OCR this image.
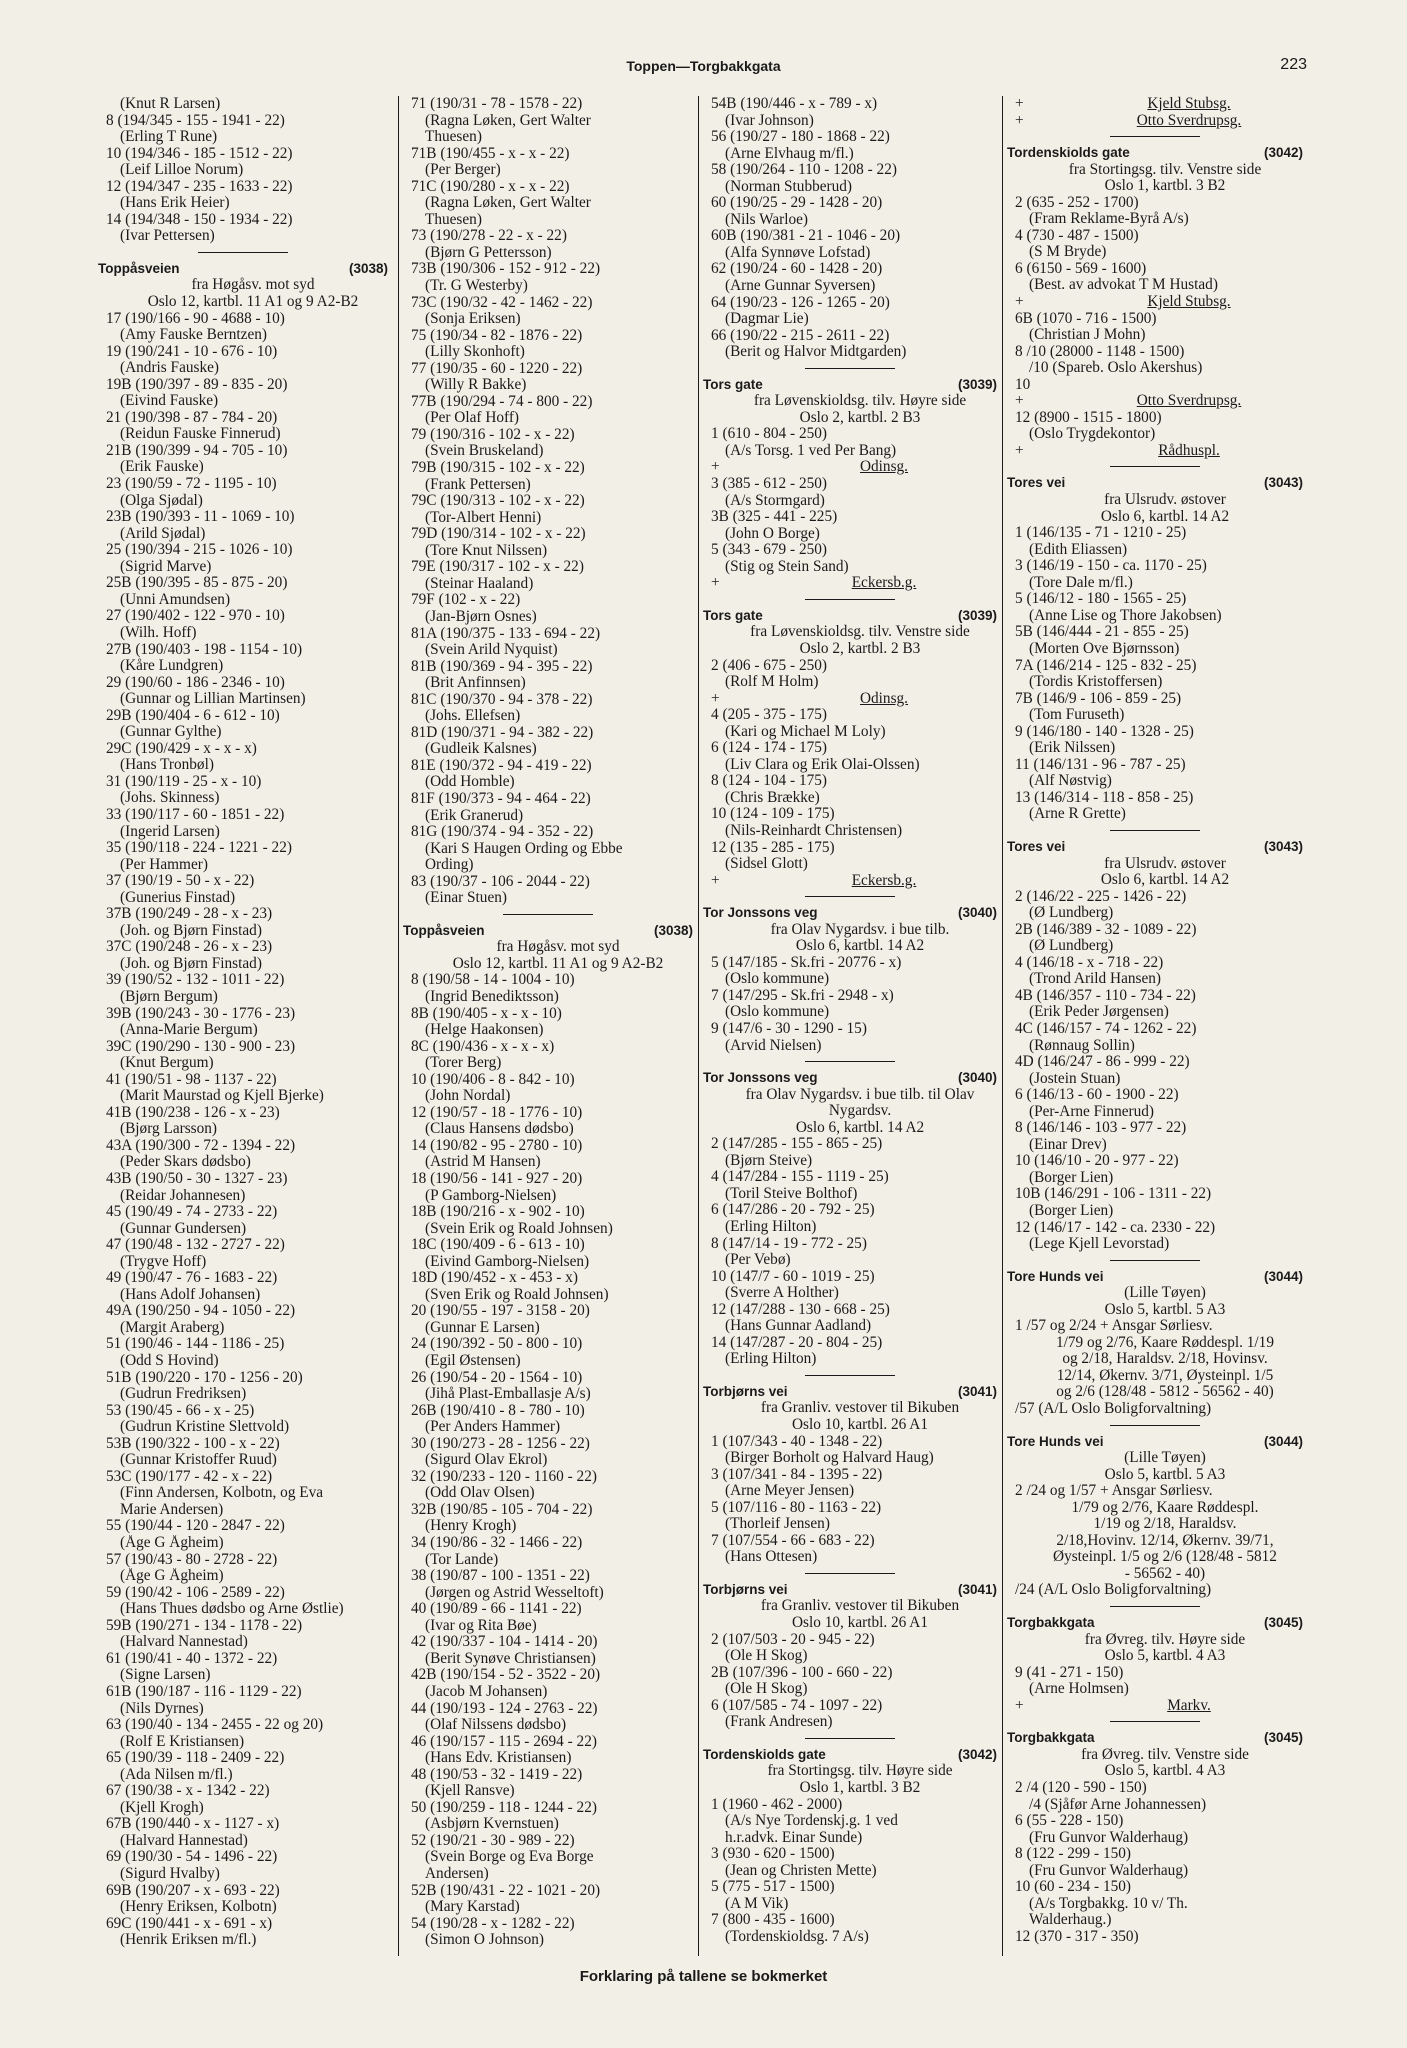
Toppen—Torgbakkgata	223
(Knut R Larsen)
8 (194/345 - 155 - 1941 - 22)
(Erling T Rune)
10 (194/346 - 185 - 1512 - 22)
(Leif Lilloe Norum)
12 (194/347 - 235 - 1633 - 22)
(Hans Erik Heier)
14 (194/348 - 150 - 1934 - 22)
(Ivar Pettersen)
Toppåsveien	(3038)
fra Høgåsv. mot syd
Oslo 12, kartbl. 11 A1 og 9 A2-B2
17 (190/166 - 90 - 4688 - 10)
(Amy Fauske Berntzen)
19 (190/241 - 10 - 676 - 10)
(Andris Fauske)
19B (190/397 - 89 - 835 - 20)
(Eivind Fauske)
21 (190/398 - 87 - 784 - 20)
(Reidun Fauske Finnerud)
21B (190/399 - 94 - 705 - 10)
(Erik Fauske)
23 (190/59 - 72 - 1195 - 10)
(Olga Sjødal)
23B (190/393 - 11 - 1069 - 10)
(Arild Sjødal)
25 (190/394 - 215 - 1026 - 10)
(Sigrid Marve)
25B (190/395 - 85 - 875 - 20)
(Unni Amundsen)
27 (190/402 - 122 - 970 - 10)
(Wilh. Hoff)
27B (190/403 - 198 - 1154 - 10)
(Kåre Lundgren)
29 (190/60 - 186 - 2346 - 10)
(Gunnar og Lillian Martinsen)
29B (190/404 - 6 - 612 - 10)
(Gunnar Gylthe)
29C (190/429 - x - x - x)
(Hans Tronbøl)
31 (190/119 - 25 - x - 10)
(Johs. Skinness)
33 (190/117 - 60 - 1851 - 22)
(Ingerid Larsen)
35 (190/118 - 224 - 1221 - 22)
(Per Hammer)
37 (190/19 - 50 - x - 22)
(Gunerius Finstad)
37B (190/249 - 28 - x - 23)
(Joh. og Bjørn Finstad)
37C (190/248 - 26 - x - 23)
(Joh. og Bjørn Finstad)
39 (190/52 - 132 - 1011 - 22)
(Bjørn Bergum)
39B (190/243 - 30 - 1776 - 23)
(Anna-Marie Bergum)
39C (190/290 - 130 - 900 - 23)
(Knut Bergum)
41 (190/51 - 98 - 1137 - 22)
(Marit Maurstad og Kjell Bjerke)
41B (190/238 - 126 - x - 23)
(Bjørg Larsson)
43A (190/300 - 72 - 1394 - 22)
(Peder Skars dødsbo)
43B (190/50 - 30 - 1327 - 23)
(Reidar Johannesen)
45 (190/49 - 74 - 2733 - 22)
(Gunnar Gundersen)
47 (190/48 - 132 - 2727 - 22)
(Trygve Hoff)
49 (190/47 - 76 - 1683 - 22)
(Hans Adolf Johansen)
49A (190/250 - 94 - 1050 - 22)
(Margit Araberg)
51 (190/46 - 144 - 1186 - 25)
(Odd S Hovind)
51B (190/220 - 170 - 1256 - 20)
(Gudrun Fredriksen)
53 (190/45 - 66 - x - 25)
(Gudrun Kristine Slettvold)
53B (190/322 - 100 - x - 22)
(Gunnar Kristoffer Ruud)
53C (190/177 - 42 - x - 22)
(Finn Andersen, Kolbotn, og Eva
Marie Andersen)
55 (190/44 - 120 - 2847 - 22)
(Åge G Ågheim)
57 (190/43 - 80 - 2728 - 22)
(Åge G Ågheim)
59 (190/42 - 106 - 2589 - 22)
(Hans Thues dødsbo og Arne Østlie)
59B (190/271 - 134 - 1178 - 22)
(Halvard Nannestad)
61 (190/41 - 40 - 1372 - 22)
(Signe Larsen)
61B (190/187 - 116 - 1129 - 22)
(Nils Dyrnes)
63 (190/40 - 134 - 2455 - 22 og 20)
(Rolf E Kristiansen)
65 (190/39 - 118 - 2409 - 22)
(Ada Nilsen m/fl.)
67 (190/38 - x - 1342 - 22)
(Kjell Krogh)
67B (190/440 - x - 1127 - x)
(Halvard Hannestad)
69 (190/30 - 54 - 1496 - 22)
(Sigurd Hvalby)
69B (190/207 - x - 693 - 22)
(Henry Eriksen, Kolbotn)
69C (190/441 - x - 691 - x)
(Henrik Eriksen m/fl.)
71 (190/31 - 78 - 1578 - 22)
(Ragna Løken, Gert Walter
Thuesen)
71B (190/455 - x - x - 22)
(Per Berger)
71C (190/280 - x - x - 22)
(Ragna Løken, Gert Walter
Thuesen)
73 (190/278 - 22 - x - 22)
(Bjørn G Pettersson)
73B (190/306 - 152 - 912 - 22)
(Tr. G Westerby)
73C (190/32 - 42 - 1462 - 22)
(Sonja Eriksen)
75 (190/34 - 82 - 1876 - 22)
(Lilly Skonhoft)
77 (190/35 - 60 - 1220 - 22)
(Willy R Bakke)
77B (190/294 - 74 - 800 - 22)
(Per Olaf Hoff)
79 (190/316 - 102 - x - 22)
(Svein Bruskeland)
79B (190/315 - 102 - x - 22)
(Frank Pettersen)
79C (190/313 - 102 - x - 22)
(Tor-Albert Henni)
79D (190/314 - 102 - x - 22)
(Tore Knut Nilssen)
79E (190/317 - 102 - x - 22)
(Steinar Haaland)
79F (102 - x - 22)
(Jan-Bjørn Osnes)
81A (190/375 - 133 - 694 - 22)
(Svein Arild Nyquist)
81B (190/369 - 94 - 395 - 22)
(Brit Anfinnsen)
81C (190/370 - 94 - 378 - 22)
(Johs. Ellefsen)
81D (190/371 - 94 - 382 - 22)
(Gudleik Kalsnes)
81E (190/372 - 94 - 419 - 22)
(Odd Homble)
81F (190/373 - 94 - 464 - 22)
(Erik Granerud)
81G (190/374 - 94 - 352 - 22)
(Kari S Haugen Ording og Ebbe
Ording)
83 (190/37 - 106 - 2044 - 22)
(Einar Stuen)
Toppåsveien	(3038)
fra Høgåsv. mot syd
Oslo 12, kartbl. 11 A1 og 9 A2-B2
8 (190/58 - 14 - 1004 - 10)
(Ingrid Benediktsson)
8B (190/405 - x - x - 10)
(Helge Haakonsen)
8C (190/436 - x - x - x)
(Torer Berg)
10 (190/406 - 8 - 842 - 10)
(John Nordal)
12 (190/57 - 18 - 1776 - 10)
(Claus Hansens dødsbo)
14 (190/82 - 95 - 2780 - 10)
(Astrid M Hansen)
18 (190/56 - 141 - 927 - 20)
(P Gamborg-Nielsen)
18B (190/216 - x - 902 - 10)
(Svein Erik og Roald Johnsen)
18C (190/409 - 6 - 613 - 10)
(Eivind Gamborg-Nielsen)
18D (190/452 - x - 453 - x)
(Sven Erik og Roald Johnsen)
20 (190/55 - 197 - 3158 - 20)
(Gunnar E Larsen)
24 (190/392 - 50 - 800 - 10)
(Egil Østensen)
26 (190/54 - 20 - 1564 - 10)
(Jihå Plast-Emballasje A/s)
26B (190/410 - 8 - 780 - 10)
(Per Anders Hammer)
30 (190/273 - 28 - 1256 - 22)
(Sigurd Olav Ekrol)
32 (190/233 - 120 - 1160 - 22)
(Odd Olav Olsen)
32B (190/85 - 105 - 704 - 22)
(Henry Krogh)
34 (190/86 - 32 - 1466 - 22)
(Tor Lande)
38 (190/87 - 100 - 1351 - 22)
(Jørgen og Astrid Wesseltoft)
40 (190/89 - 66 - 1141 - 22)
(Ivar og Rita Bøe)
42 (190/337 - 104 - 1414 - 20)
(Berit Synøve Christiansen)
42B (190/154 - 52 - 3522 - 20)
(Jacob M Johansen)
44 (190/193 - 124 - 2763 - 22)
(Olaf Nilssens dødsbo)
46 (190/157 - 115 - 2694 - 22)
(Hans Edv. Kristiansen)
48 (190/53 - 32 - 1419 - 22)
(Kjell Ransve)
50 (190/259 - 118 - 1244 - 22)
(Asbjørn Kvernstuen)
52 (190/21 - 30 - 989 - 22)
(Svein Borge og Eva Borge
Andersen)
52B (190/431 - 22 - 1021 - 20)
(Mary Karstad)
54 (190/28 - x - 1282 - 22)
(Simon O Johnson)
54B (190/446 - x - 789 - x)
(Ivar Johnson)
56 (190/27 - 180 - 1868 - 22)
(Arne Elvhaug m/fl.)
58 (190/264 - 110 - 1208 - 22)
(Norman Stubberud)
60 (190/25 - 29 - 1428 - 20)
(Nils Warloe)
60B (190/381 - 21 - 1046 - 20)
(Alfa Synnøve Lofstad)
62 (190/24 - 60 - 1428 - 20)
(Arne Gunnar Syversen)
64 (190/23 - 126 - 1265 - 20)
(Dagmar Lie)
66 (190/22 - 215 - 2611 - 22)
(Berit og Halvor Midtgarden)
Tors gate	(3039)
fra Løvenskioldsg. tilv. Høyre side
Oslo 2, kartbl. 2 B3
1 (610 - 804 - 250)
(A/s Torsg. 1 ved Per Bang)
+	Odinsg.
3 (385 - 612 - 250)
(A/s Stormgard)
3B (325 - 441 - 225)
(John O Borge)
5 (343 - 679 - 250)
(Stig og Stein Sand)
+	Eckersb.g.
Tors gate	(3039)
fra Løvenskioldsg. tilv. Venstre side
Oslo 2, kartbl. 2 B3
2 (406 - 675 - 250)
(Rolf M Holm)
+	Odinsg.
4 (205 - 375 - 175)
(Kari og Michael M Loly)
6 (124 - 174 - 175)
(Liv Clara og Erik Olai-Olssen)
8 (124 - 104 - 175)
(Chris Brække)
10 (124 - 109 - 175)
(Nils-Reinhardt Christensen)
12 (135 - 285 - 175)
(Sidsel Glott)
+	Eckersb.g.
Tor Jonssons veg	(3040)
fra Olav Nygardsv. i bue tilb.
Oslo 6, kartbl. 14 A2
5 (147/185 - Sk.fri - 20776 - x)
(Oslo kommune)
7 (147/295 - Sk.fri - 2948 - x)
(Oslo kommune)
9 (147/6 - 30 - 1290 - 15)
(Arvid Nielsen)
Tor Jonssons veg	(3040)
fra Olav Nygardsv. i bue tilb. til Olav
Nygardsv.
Oslo 6, kartbl. 14 A2
2 (147/285 - 155 - 865 - 25)
(Bjørn Steive)
4 (147/284 - 155 - 1119 - 25)
(Toril Steive Bolthof)
6 (147/286 - 20 - 792 - 25)
(Erling Hilton)
8 (147/14 - 19 - 772 - 25)
(Per Vebø)
10 (147/7 - 60 - 1019 - 25)
(Sverre A Holther)
12 (147/288 - 130 - 668 - 25)
(Hans Gunnar Aadland)
14 (147/287 - 20 - 804 - 25)
(Erling Hilton)
Torbjørns vei	(3041)
fra Granliv. vestover til Bikuben
Oslo 10, kartbl. 26 A1
1 (107/343 - 40 - 1348 - 22)
(Birger Borholt og Halvard Haug)
3 (107/341 - 84 - 1395 - 22)
(Arne Meyer Jensen)
5 (107/116 - 80 - 1163 - 22)
(Thorleif Jensen)
7 (107/554 - 66 - 683 - 22)
(Hans Ottesen)
Torbjørns vei	(3041)
fra Granliv. vestover til Bikuben
Oslo 10, kartbl. 26 A1
2 (107/503 - 20 - 945 - 22)
(Ole H Skog)
2B (107/396 - 100 - 660 - 22)
(Ole H Skog)
6 (107/585 - 74 - 1097 - 22)
(Frank Andresen)
Tordenskiolds gate	(3042)
fra Stortingsg. tilv. Høyre side
Oslo 1, kartbl. 3 B2
1 (1960 - 462 - 2000)
(A/s Nye Tordenskj.g. 1 ved
h.r.advk. Einar Sunde)
3 (930 - 620 - 1500)
(Jean og Christen Mette)
5 (775 - 517 - 1500)
(A M Vik)
7 (800 - 435 - 1600)
(Tordenskioldsg. 7 A/s)
+	Kjeld Stubsg.
+	Otto Sverdrupsg.
Tordenskiolds gate	(3042)
fra Stortingsg. tilv. Venstre side
Oslo 1, kartbl. 3 B2
2 (635 - 252 - 1700)
(Fram Reklame-Byrå A/s)
4 (730 - 487 - 1500)
(S M Bryde)
6 (6150 - 569 - 1600)
(Best. av advokat T M Hustad)
+	Kjeld Stubsg.
6B (1070 - 716 - 1500)
(Christian J Mohn)
8 /10 (28000 - 1148 - 1500)
/10 (Spareb. Oslo Akershus)
10
+	Otto Sverdrupsg.
12 (8900 - 1515 - 1800)
(Oslo Trygdekontor)
+	Rådhuspl.
Tores vei	(3043)
fra Ulsrudv. østover
Oslo 6, kartbl. 14 A2
1 (146/135 - 71 - 1210 - 25)
(Edith Eliassen)
3 (146/19 - 150 - ca. 1170 - 25)
(Tore Dale m/fl.)
5 (146/12 - 180 - 1565 - 25)
(Anne Lise og Thore Jakobsen)
5B (146/444 - 21 - 855 - 25)
(Morten Ove Bjørnsson)
7A (146/214 - 125 - 832 - 25)
(Tordis Kristoffersen)
7B (146/9 - 106 - 859 - 25)
(Tom Furuseth)
9 (146/180 - 140 - 1328 - 25)
(Erik Nilssen)
11 (146/131 - 96 - 787 - 25)
(Alf Nøstvig)
13 (146/314 - 118 - 858 - 25)
(Arne R Grette)
Tores vei	(3043)
fra Ulsrudv. østover
Oslo 6, kartbl. 14 A2
2 (146/22 - 225 - 1426 - 22)
(Ø Lundberg)
2B (146/389 - 32 - 1089 - 22)
(Ø Lundberg)
4 (146/18 - x - 718 - 22)
(Trond Arild Hansen)
4B (146/357 - 110 - 734 - 22)
(Erik Peder Jørgensen)
4C (146/157 - 74 - 1262 - 22)
(Rønnaug Sollin)
4D (146/247 - 86 - 999 - 22)
(Jostein Stuan)
6 (146/13 - 60 - 1900 - 22)
(Per-Arne Finnerud)
8 (146/146 - 103 - 977 - 22)
(Einar Drev)
10 (146/10 - 20 - 977 - 22)
(Borger Lien)
10B (146/291 - 106 - 1311 - 22)
(Borger Lien)
12 (146/17 - 142 - ca. 2330 - 22)
(Lege Kjell Levorstad)
Tore Hunds vei	(3044)
(Lille Tøyen)
Oslo 5, kartbl. 5 A3
1 /57 og 2/24 + Ansgar Sørliesv.
1/79 og 2/76, Kaare Røddespl. 1/19
og 2/18, Haraldsv. 2/18, Hovinsv.
12/14, Økernv. 3/71, Øysteinpl. 1/5
og 2/6 (128/48 - 5812 - 56562 - 40)
/57 (A/L Oslo Boligforvaltning)
Tore Hunds vei	(3044)
(Lille Tøyen)
Oslo 5, kartbl. 5 A3
2 /24 og 1/57 + Ansgar Sørliesv.
1/79 og 2/76, Kaare Røddespl.
1/19 og 2/18, Haraldsv.
2/18,Hovinv. 12/14, Økernv. 39/71,
Øysteinpl. 1/5 og 2/6 (128/48 - 5812
- 56562 - 40)
/24 (A/L Oslo Boligforvaltning)
Torgbakkgata	(3045)
fra Øvreg. tilv. Høyre side
Oslo 5, kartbl. 4 A3
9 (41 - 271 - 150)
(Arne Holmsen)
+	Markv.
Torgbakkgata	(3045)
fra Øvreg. tilv. Venstre side
Oslo 5, kartbl. 4 A3
2 /4 (120 - 590 - 150)
/4 (Sjåfør Arne Johannessen)
6 (55 - 228 - 150)
(Fru Gunvor Walderhaug)
8 (122 - 299 - 150)
(Fru Gunvor Walderhaug)
10 (60 - 234 - 150)
(A/s Torgbakkg. 10 v/ Th.
Walderhaug.)
12 (370 - 317 - 350)
Forklaring på tallene se bokmerket
